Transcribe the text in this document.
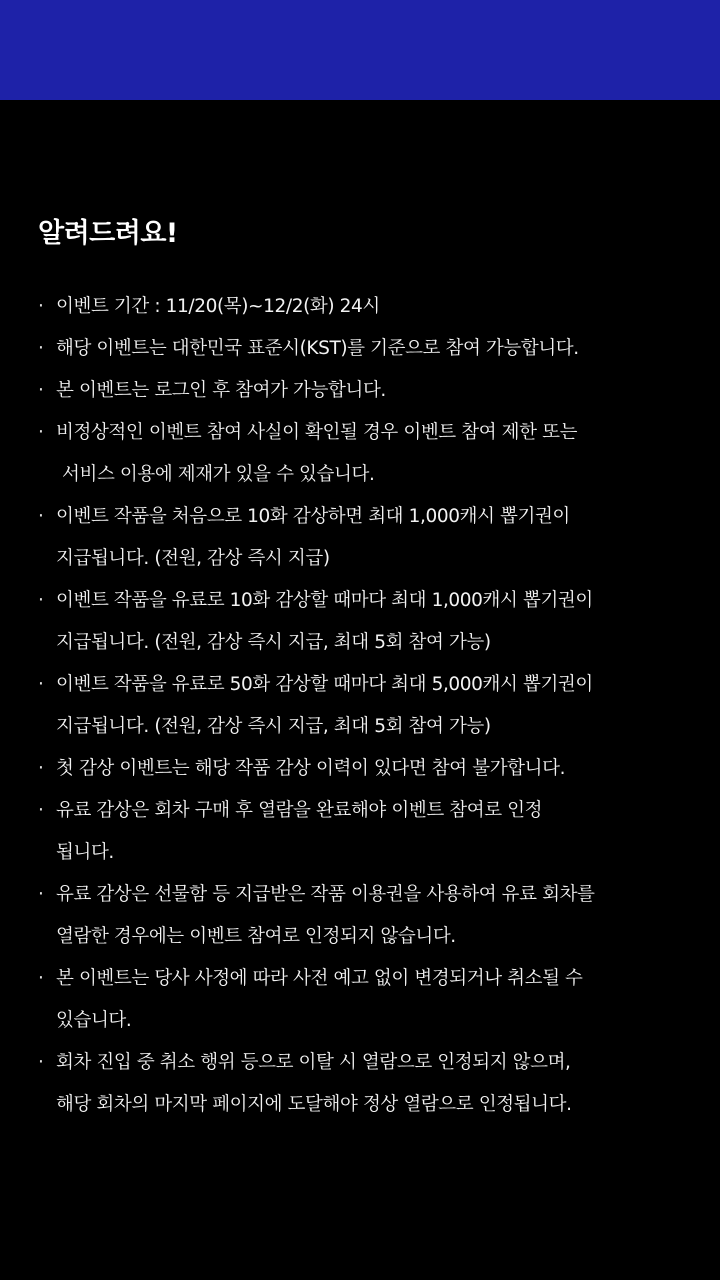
알려드려요!
· 이벤트 기간 : 11/20(목)~12/2(화) 24시
· 해당 이벤트는 대한민국 표준시(KST)를 기준으로 참여 가능합니다.
· 본 이벤트는 로그인 후 참여가 가능합니다.
· 비정상적인 이벤트 참여 사실이 확인될 경우 이벤트 참여 제한 또는
서비스 이용에 제재가 있을 수 있습니다.
· 이벤트 작품을 처음으로 10화 감상하면 최대 1,000캐시 뽑기권이
지급됩니다. (전원, 감상 즉시 지급)
· 이벤트 작품을 유료로 10화 감상할 때마다 최대 1,000캐시 뽑기권이
지급됩니다. (전원, 감상 즉시 지급, 최대 5회 참여 가능)
· 이벤트 작품을 유료로 50화 감상할 때마다 최대 5,000캐시 뽑기권이
지급됩니다. (전원, 감상 즉시 지급, 최대 5회 참여 가능)
· 첫 감상 이벤트는 해당 작품 감상 이력이 있다면 참여 불가합니다.
· 유료 감상은 회차 구매 후 열람을 완료해야 이벤트 참여로 인정
됩니다.
· 유료 감상은 선물함 등 지급받은 작품 이용권을 사용하여 유료 회차를
열람한 경우에는 이벤트 참여로 인정되지 않습니다.
· 본 이벤트는 당사 사정에 따라 사전 예고 없이 변경되거나 취소될 수
있습니다.
· 회차 진입 중 취소 행위 등으로 이탈 시 열람으로 인정되지 않으며,
해당 회차의 마지막 페이지에 도달해야 정상 열람으로 인정됩니다.
